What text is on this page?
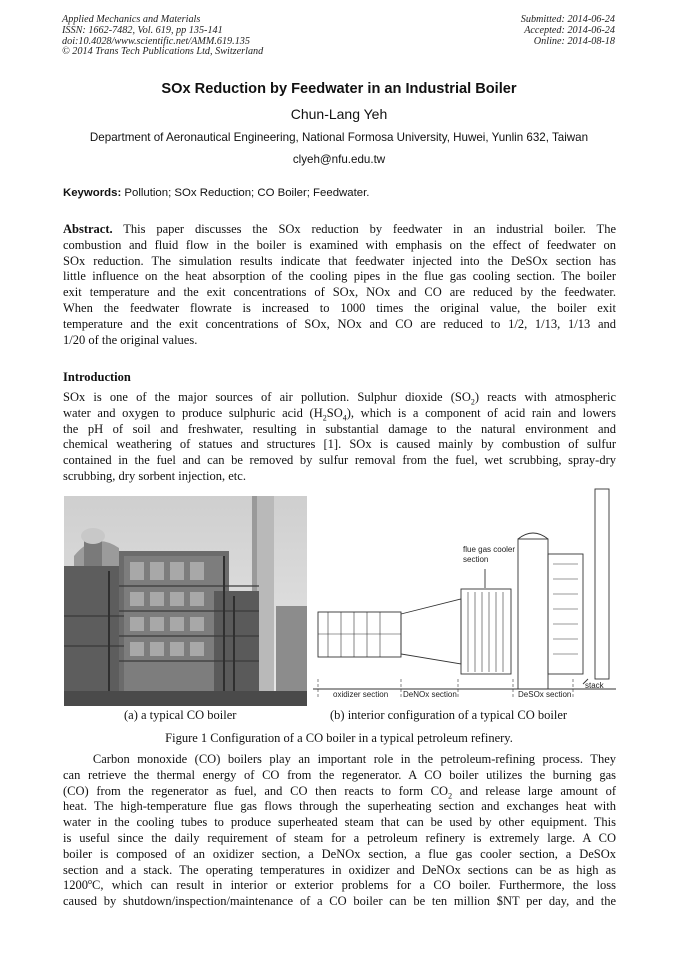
Applied Mechanics and Materials
ISSN: 1662-7482, Vol. 619, pp 135-141
doi:10.4028/www.scientific.net/AMM.619.135
© 2014 Trans Tech Publications Ltd, Switzerland
Submitted: 2014-06-24
Accepted: 2014-06-24
Online: 2014-08-18
SOx Reduction by Feedwater in an Industrial Boiler
Chun-Lang Yeh
Department of Aeronautical Engineering, National Formosa University, Huwei, Yunlin 632, Taiwan
clyeh@nfu.edu.tw
Keywords: Pollution; SOx Reduction; CO Boiler; Feedwater.
Abstract. This paper discusses the SOx reduction by feedwater in an industrial boiler. The
combustion and fluid flow in the boiler is examined with emphasis on the effect of feedwater on
SOx reduction. The simulation results indicate that feedwater injected into the DeSOx section has
little influence on the heat absorption of the cooling pipes in the flue gas cooling section. The boiler
exit temperature and the exit concentrations of SOx, NOx and CO are reduced by the feedwater.
When the feedwater flowrate is increased to 1000 times the original value, the boiler exit
temperature and the exit concentrations of SOx, NOx and CO are reduced to 1/2, 1/13, 1/13 and
1/20 of the original values.
Introduction
SOx is one of the major sources of air pollution. Sulphur dioxide $(SO_2)$ reacts with atmospheric
water and oxygen to produce sulphuric acid $(H_2SO_4)$, which is a component of acid rain and lowers
the pH of soil and freshwater, resulting in substantial damage to the natural environment and
chemical weathering of statues and structures [1]. SOx is caused mainly by combustion of sulfur
contained in the fuel and can be removed by sulfur removal from the fuel, wet scrubbing, spray-dry
scrubbing, dry sorbent injection, etc.
flue gas cooler
section
stack
oxidizer section DeNOx section	DeSOx section
(a) a typical CO boiler	(b) interior configuration of a typical CO boiler
Figure 1 Configuration of a CO boiler in a typical petroleum refinery.
Carbon monoxide (CO) boilers play an important role in the petroleum-refining process. They
can retrieve the thermal energy of CO from the regenerator. A CO boiler utilizes the burning gas
(CO) from the regenerator as fuel, and CO then reacts to form $CO_2$ and release large amount of
heat. The high-temperature flue gas flows through the superheating section and exchanges heat with
water in the cooling tubes to produce superheated steam that can be used by other equipment. This
is useful since the daily requirement of steam for a petroleum refinery is extremely large. A CO
boiler is composed of an oxidizer section, a DeNOx section, a flue gas cooler section, a DeSOx
section and a stack. The operating temperatures in oxidizer and DeNOx sections can be as high as
1200$^o$C, which can result in interior or exterior problems for a CO boiler. Furthermore, the loss
caused by shutdown/inspection/maintenance of a CO boiler can be ten million $NT per day, and the
